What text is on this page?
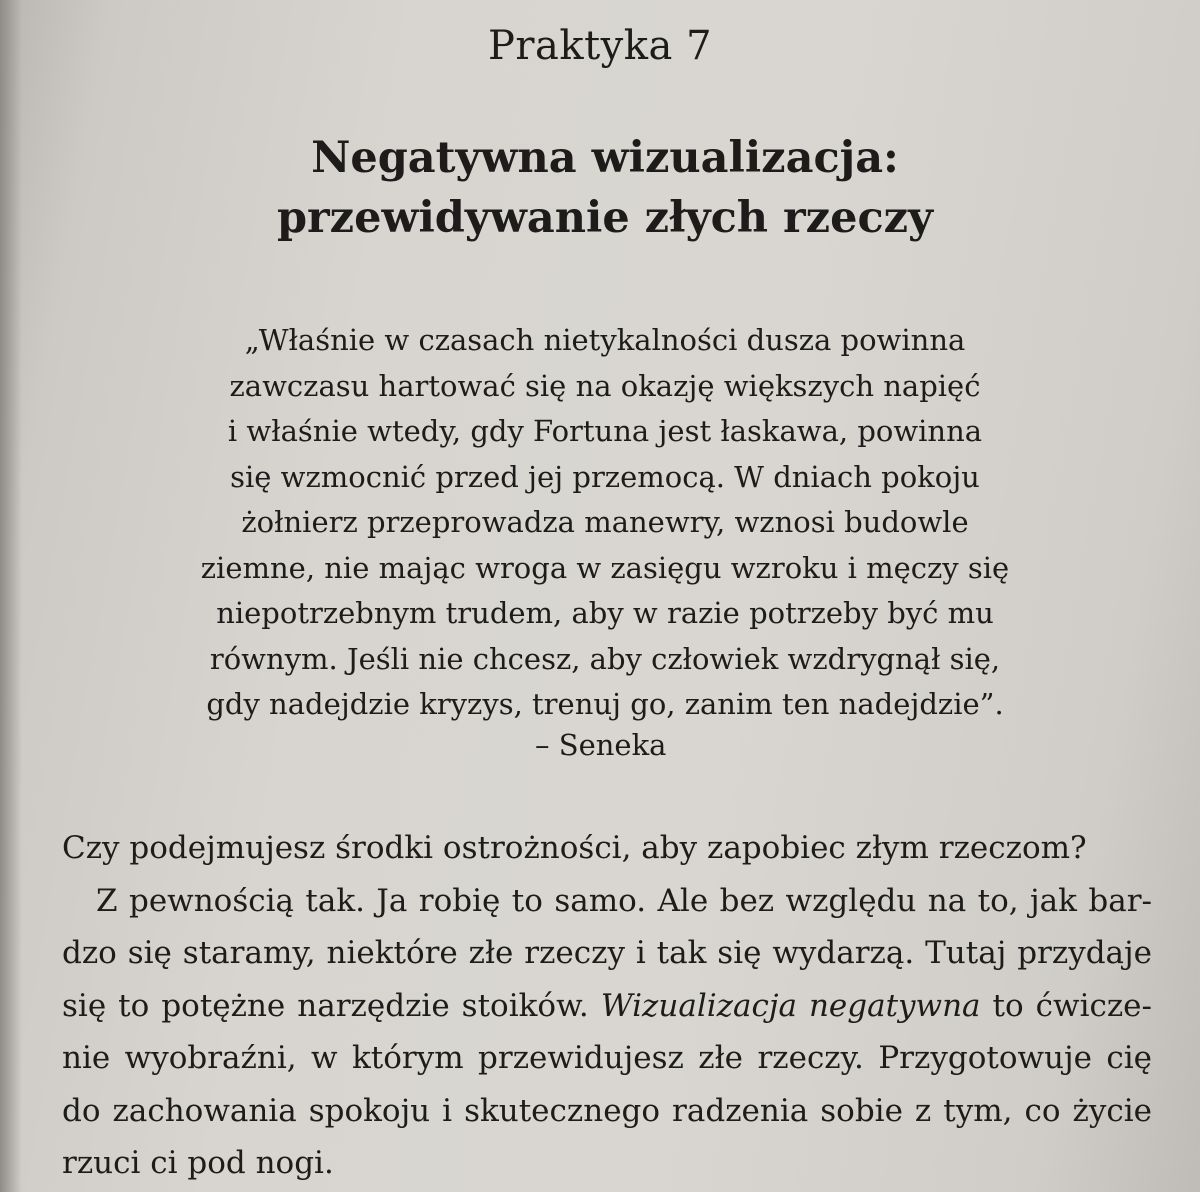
Praktyka 7
Negatywna wizualizacja:
przewidywanie złych rzeczy
„Właśnie w czasach nietykalności dusza powinna
zawczasu hartować się na okazję większych napięć
i właśnie wtedy, gdy Fortuna jest łaskawa, powinna
się wzmocnić przed jej przemocą. W dniach pokoju
żołnierz przeprowadza manewry, wznosi budowle
ziemne, nie mając wroga w zasięgu wzroku i męczy się
niepotrzebnym trudem, aby w razie potrzeby być mu
równym. Jeśli nie chcesz, aby człowiek wzdrygnął się,
gdy nadejdzie kryzys, trenuj go, zanim ten nadejdzie”.
– Seneka
Czy podejmujesz środki ostrożności, aby zapobiec złym rzeczom?
Z pewnością tak. Ja robię to samo. Ale bez względu na to, jak bar-
dzo się staramy, niektóre złe rzeczy i tak się wydarzą. Tutaj przydaje
się to potężne narzędzie stoików. Wizualizacja negatywna to ćwicze-
nie wyobraźni, w którym przewidujesz złe rzeczy. Przygotowuje cię
do zachowania spokoju i skutecznego radzenia sobie z tym, co życie
rzuci ci pod nogi.
